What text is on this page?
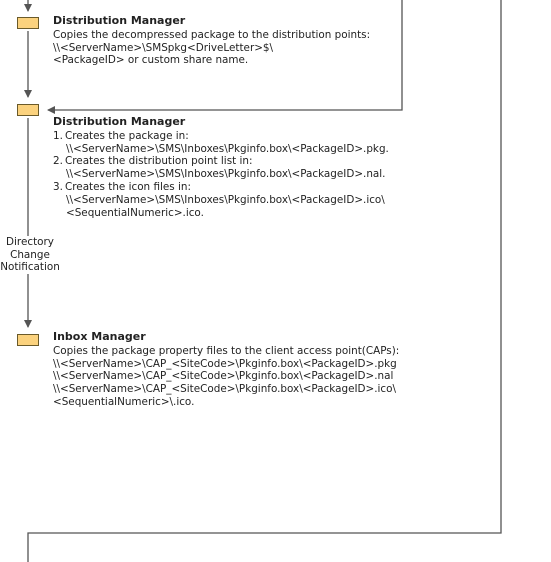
Distribution Manager
Copies the decompressed package to the distribution points:
\\<ServerName>\SMSpkg<DriveLetter>$\
<PackageID> or custom share name.
Distribution Manager
1. Creates the package in:
\\<ServerName>\SMS\Inboxes\Pkginfo.box\<PackageID>.pkg.
2. Creates the distribution point list in:
\\<ServerName>\SMS\Inboxes\Pkginfo.box\<PackageID>.nal.
3. Creates the icon files in:
\\<ServerName>\SMS\Inboxes\Pkginfo.box\<PackageID>.ico\
<SequentialNumeric>.ico.
Directory
Change
Notification
Inbox Manager
Copies the package property files to the client access point(CAPs):
\\<ServerName>\CAP_<SiteCode>\Pkginfo.box\<PackageID>.pkg
\\<ServerName>\CAP_<SiteCode>\Pkginfo.box\<PackageID>.nal
\\<ServerName>\CAP_<SiteCode>\Pkginfo.box\<PackageID>.ico\
<SequentialNumeric>\.ico.
